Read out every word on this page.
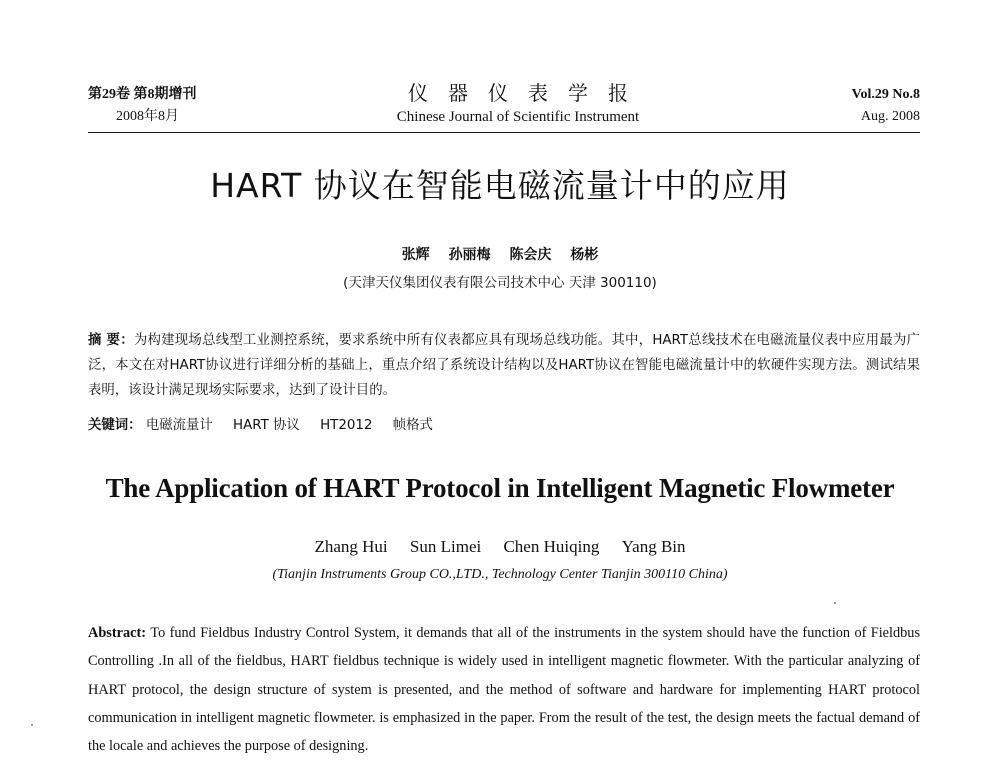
第29卷 第8期增刊
2008年8月
仪器仪表学报
Chinese Journal of Scientific Instrument
Vol.29 No.8
Aug. 2008
HART 协议在智能电磁流量计中的应用
张辉 孙丽梅 陈会庆 杨彬
(天津天仪集团仪表有限公司技术中心 天津 300110)
摘 要：为构建现场总线型工业测控系统，要求系统中所有仪表都应具有现场总线功能。其中，HART总线技术在电磁流量仪表中应用最为广泛，本文在对HART协议进行详细分析的基础上，重点介绍了系统设计结构以及HART协议在智能电磁流量计中的软硬件实现方法。测试结果表明，该设计满足现场实际要求，达到了设计目的。
关键词： 电磁流量计 HART 协议 HT2012 帧格式
The Application of HART Protocol in Intelligent Magnetic Flowmeter
Zhang Hui Sun Limei Chen Huiqing Yang Bin
(Tianjin Instruments Group CO.,LTD., Technology Center Tianjin 300110 China)
Abstract: To fund Fieldbus Industry Control System, it demands that all of the instruments in the system should have the function of Fieldbus Controlling .In all of the fieldbus, HART fieldbus technique is widely used in intelligent magnetic flowmeter. With the particular analyzing of HART protocol, the design structure of system is presented, and the method of software and hardware for implementing HART protocol communication in intelligent magnetic flowmeter. is emphasized in the paper. From the result of the test, the design meets the factual demand of the locale and achieves the purpose of designing.
